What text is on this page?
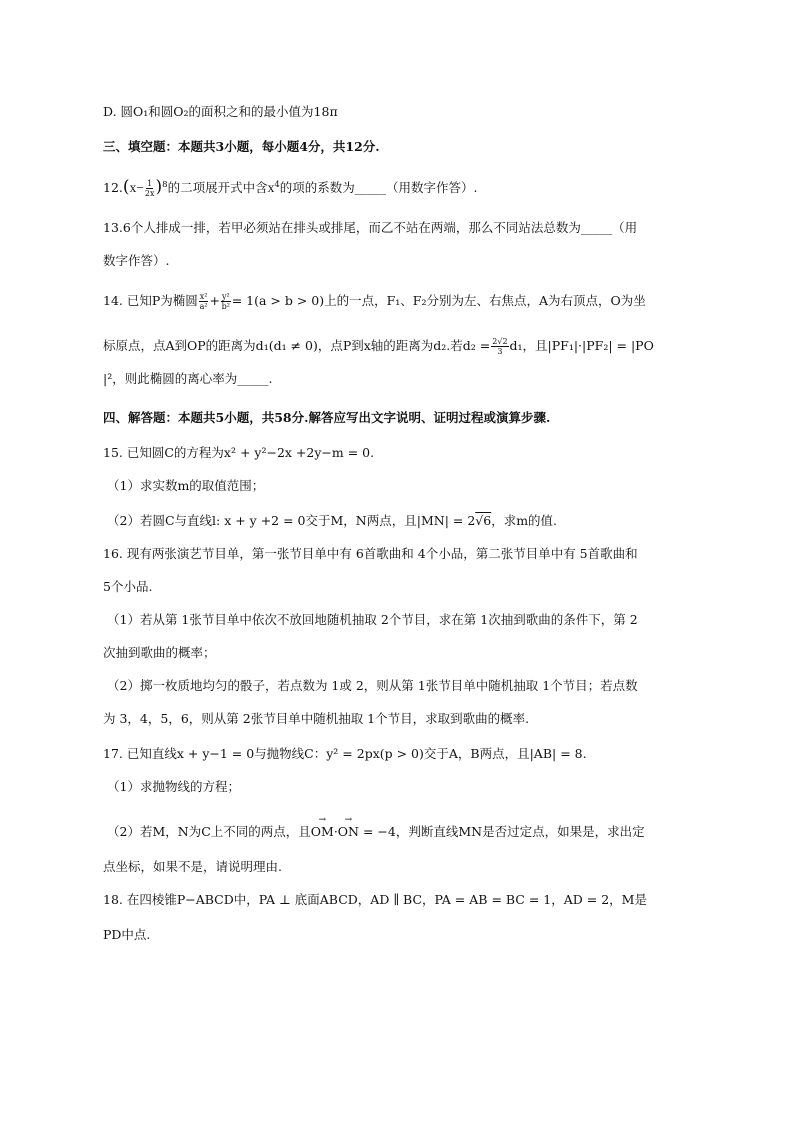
D. 圆O₁和圆O₂的面积之和的最小值为18π
三、填空题：本题共3小题，每小题4分，共12分.
$12.(x- \frac{1}{2x} )^8$的二项展开式中含$x^4$的项的系数为_____（用数字作答）.
13.6个人排成一排，若甲必须站在排头或排尾，而乙不站在两端，那么不同站法总数为_____（用
数字作答）.
14. 已知P为椭圆 $\frac{\text{x²}}{\text{a²}} + \frac{\text{y²}}{\text{b²}} = 1(a > b > 0)$上的一点，F₁、F₂分别为左、右焦点，A为右顶点，O为坐
标原点，点A到OP的距离为d₁(d₁ ≠ 0)，点P到x轴的距离为d₂.若$d_2 = \frac{2√2}{3} d_1$，且|PF₁|·|PF₂| = |PO
|²，则此椭圆的离心率为_____.
四、解答题：本题共5小题，共58分.解答应写出文字说明、证明过程或演算步骤.
15. 已知圆C的方程为x² + y²−2x +2y−m = 0.
（1）求实数m的取值范围；
（2）若圆C与直线l: x + y +2 = 0交于M，N两点，且|MN| = 2√6，求m的值.
16. 现有两张演艺节目单，第一张节目单中有 6首歌曲和 4个小品，第二张节目单中有 5首歌曲和
5个小品.
（1）若从第 1张节目单中依次不放回地随机抽取 2个节目，求在第 1次抽到歌曲的条件下，第 2
次抽到歌曲的概率；
（2）掷一枚质地均匀的骰子，若点数为 1或 2，则从第 1张节目单中随机抽取 1个节目；若点数
为 3，4，5，6，则从第 2张节目单中随机抽取 1个节目，求取到歌曲的概率.
17. 已知直线x + y−1 = 0与抛物线C：y² = 2px(p > 0)交于A，B两点，且|AB| = 8.
（1）求抛物线的方程；
（2）若M，N为C上不同的两点，且→ OM·→ ON = −4，判断直线MN是否过定点，如果是，求出定
点坐标，如果不是，请说明理由.
18. 在四棱锥P−ABCD中，PA ⊥ 底面ABCD，AD ∥ BC，PA = AB = BC = 1，AD = 2，M是
PD中点.
